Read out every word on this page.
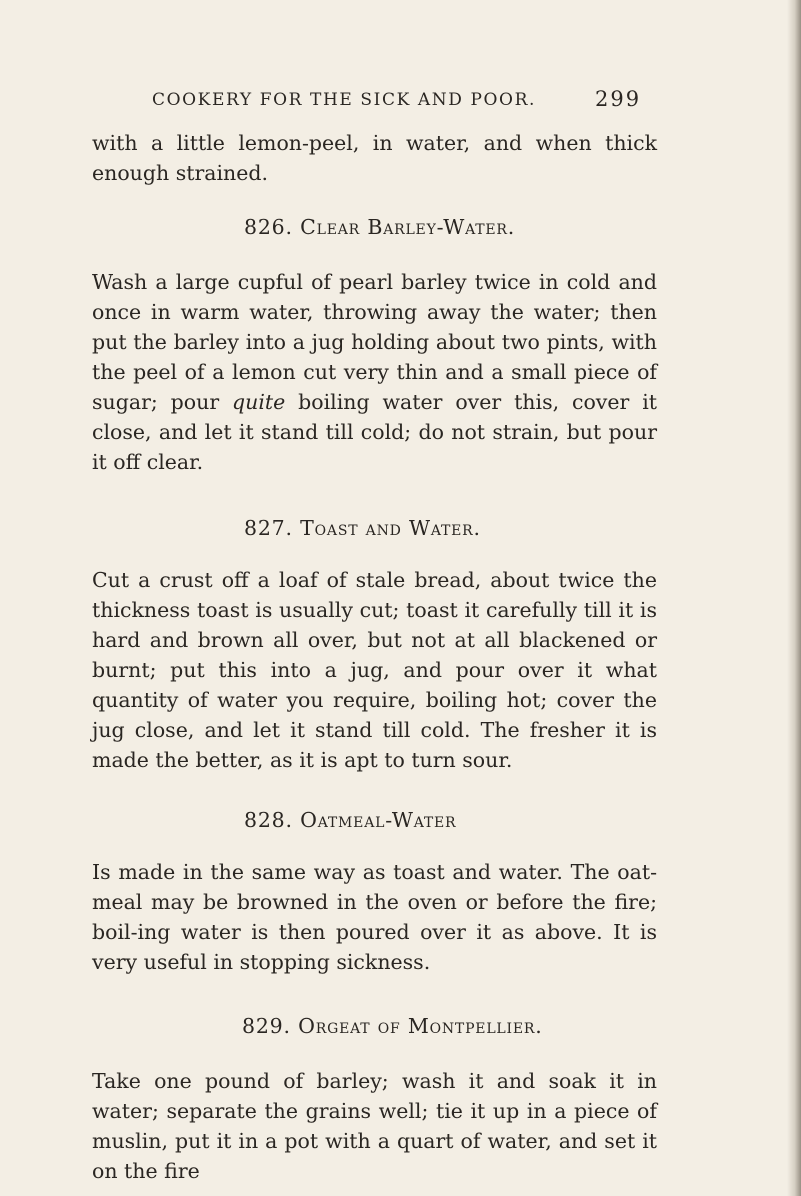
COOKERY FOR THE SICK AND POOR.	299

with a little lemon-peel, in water, and when thick enough strained.

826. Clear Barley-Water.

Wash a large cupful of pearl barley twice in cold and once in warm water, throwing away the water; then put the barley into a jug holding about two pints, with the peel of a lemon cut very thin and a small piece of sugar; pour quite boiling water over this, cover it close, and let it stand till cold; do not strain, but pour it off clear.

827. Toast and Water.

Cut a crust off a loaf of stale bread, about twice the thickness toast is usually cut; toast it carefully till it is hard and brown all over, but not at all blackened or burnt; put this into a jug, and pour over it what quantity of water you require, boiling hot; cover the jug close, and let it stand till cold. The fresher it is made the better, as it is apt to turn sour.

828. Oatmeal-Water

Is made in the same way as toast and water. The oat-meal may be browned in the oven or before the fire; boil-ing water is then poured over it as above. It is very useful in stopping sickness.

829. Orgeat of Montpellier.

Take one pound of barley; wash it and soak it in water; separate the grains well; tie it up in a piece of muslin, put it in a pot with a quart of water, and set it on the fire
